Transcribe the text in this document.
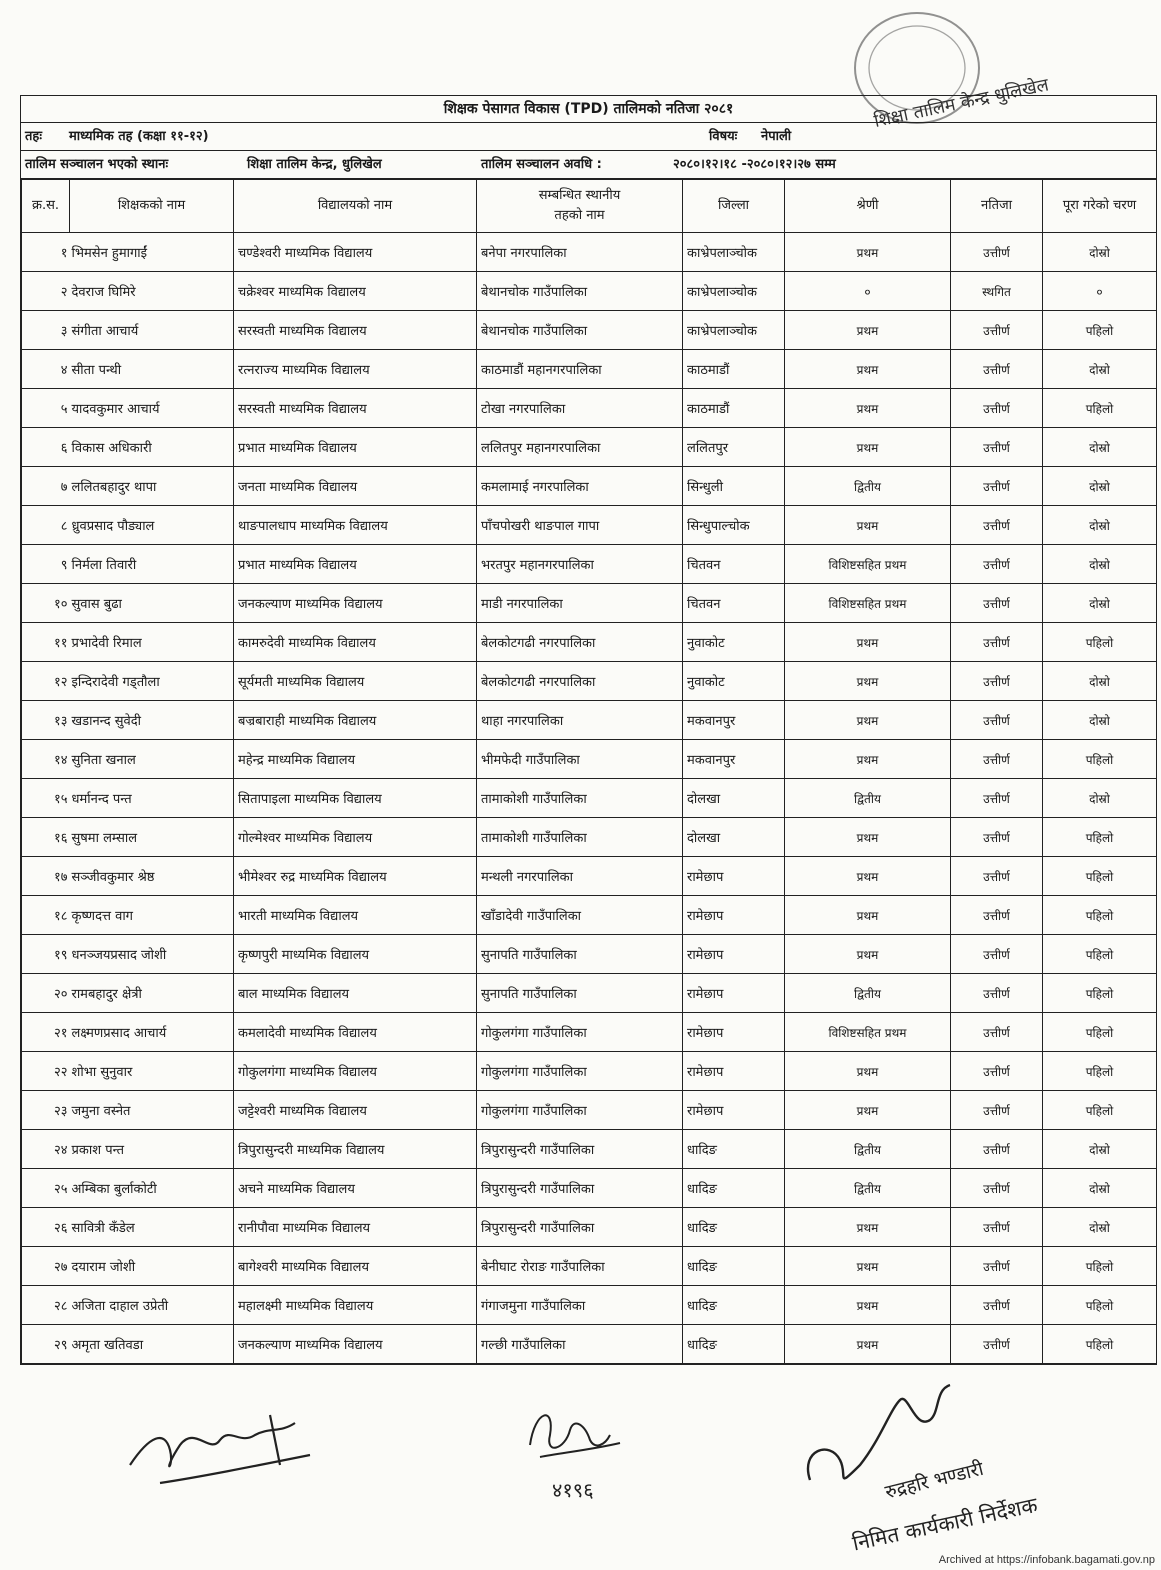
शिक्षा तालिम केन्द्र धुलिखेल
शिक्षक पेसागत विकास (TPD) तालिमको नतिजा २०८१
तहः माध्यमिक तह (कक्षा ११-१२)	विषयः नेपाली
तालिम सञ्चालन भएको स्थानः	शिक्षा तालिम केन्द्र, धुलिखेल	तालिम सञ्चालन अवधि :	२०८०।१२।१८ -२०८०।१२।२७ सम्म
क्र.स.	शिक्षकको नाम	विद्यालयको नाम	सम्बन्धित स्थानीय
तहको नाम	जिल्ला	श्रेणी	नतिजा	पूरा गरेको चरण
१	भिमसेन हुमागाईं	चण्डेश्वरी माध्यमिक विद्यालय	बनेपा नगरपालिका	काभ्रेपलाञ्चोक	प्रथम	उत्तीर्ण	दोस्रो
२	देवराज घिमिरे	चक्रेश्वर माध्यमिक विद्यालय	बेथानचोक गाउँपालिका	काभ्रेपलाञ्चोक	०	स्थगित	०
३	संगीता आचार्य	सरस्वती माध्यमिक विद्यालय	बेथानचोक गाउँपालिका	काभ्रेपलाञ्चोक	प्रथम	उत्तीर्ण	पहिलो
४	सीता पन्थी	रत्नराज्य माध्यमिक विद्यालय	काठमाडौं महानगरपालिका	काठमाडौं	प्रथम	उत्तीर्ण	दोस्रो
५	यादवकुमार आचार्य	सरस्वती माध्यमिक विद्यालय	टोखा नगरपालिका	काठमाडौं	प्रथम	उत्तीर्ण	पहिलो
६	विकास अधिकारी	प्रभात माध्यमिक विद्यालय	ललितपुर महानगरपालिका	ललितपुर	प्रथम	उत्तीर्ण	दोस्रो
७	ललितबहादुर थापा	जनता माध्यमिक विद्यालय	कमलामाई नगरपालिका	सिन्धुली	द्वितीय	उत्तीर्ण	दोस्रो
८	ध्रुवप्रसाद पौड्याल	थाङपालधाप माध्यमिक विद्यालय	पाँचपोखरी थाङपाल गापा	सिन्धुपाल्चोक	प्रथम	उत्तीर्ण	दोस्रो
९	निर्मला तिवारी	प्रभात माध्यमिक विद्यालय	भरतपुर महानगरपालिका	चितवन	विशिष्टसहित प्रथम	उत्तीर्ण	दोस्रो
१०	सुवास बुढा	जनकल्याण माध्यमिक विद्यालय	माडी नगरपालिका	चितवन	विशिष्टसहित प्रथम	उत्तीर्ण	दोस्रो
११	प्रभादेवी रिमाल	कामरुदेवी माध्यमिक विद्यालय	बेलकोटगढी नगरपालिका	नुवाकोट	प्रथम	उत्तीर्ण	पहिलो
१२	इन्दिरादेवी गड्तौला	सूर्यमती माध्यमिक विद्यालय	बेलकोटगढी नगरपालिका	नुवाकोट	प्रथम	उत्तीर्ण	दोस्रो
१३	खडानन्द सुवेदी	बज्रबाराही माध्यमिक विद्यालय	थाहा नगरपालिका	मकवानपुर	प्रथम	उत्तीर्ण	दोस्रो
१४	सुनिता खनाल	महेन्द्र माध्यमिक विद्यालय	भीमफेदी गाउँपालिका	मकवानपुर	प्रथम	उत्तीर्ण	पहिलो
१५	धर्मानन्द पन्त	सितापाइला माध्यमिक विद्यालय	तामाकोशी गाउँपालिका	दोलखा	द्वितीय	उत्तीर्ण	दोस्रो
१६	सुषमा लम्साल	गोल्मेश्वर माध्यमिक विद्यालय	तामाकोशी गाउँपालिका	दोलखा	प्रथम	उत्तीर्ण	पहिलो
१७	सञ्जीवकुमार श्रेष्ठ	भीमेश्वर रुद्र माध्यमिक विद्यालय	मन्थली नगरपालिका	रामेछाप	प्रथम	उत्तीर्ण	पहिलो
१८	कृष्णदत्त वाग	भारती माध्यमिक विद्यालय	खाँडादेवी गाउँपालिका	रामेछाप	प्रथम	उत्तीर्ण	पहिलो
१९	धनञ्जयप्रसाद जोशी	कृष्णपुरी माध्यमिक विद्यालय	सुनापति गाउँपालिका	रामेछाप	प्रथम	उत्तीर्ण	पहिलो
२०	रामबहादुर क्षेत्री	बाल माध्यमिक विद्यालय	सुनापति गाउँपालिका	रामेछाप	द्वितीय	उत्तीर्ण	पहिलो
२१	लक्ष्मणप्रसाद आचार्य	कमलादेवी माध्यमिक विद्यालय	गोकुलगंगा गाउँपालिका	रामेछाप	विशिष्टसहित प्रथम	उत्तीर्ण	पहिलो
२२	शोभा सुनुवार	गोकुलगंगा माध्यमिक विद्यालय	गोकुलगंगा गाउँपालिका	रामेछाप	प्रथम	उत्तीर्ण	पहिलो
२३	जमुना वस्नेत	जट्टेश्वरी माध्यमिक विद्यालय	गोकुलगंगा गाउँपालिका	रामेछाप	प्रथम	उत्तीर्ण	पहिलो
२४	प्रकाश पन्त	त्रिपुरासुन्दरी माध्यमिक विद्यालय	त्रिपुरासुन्दरी गाउँपालिका	धादिङ	द्वितीय	उत्तीर्ण	दोस्रो
२५	अम्बिका बुर्लाकोटी	अचने माध्यमिक विद्यालय	त्रिपुरासुन्दरी गाउँपालिका	धादिङ	द्वितीय	उत्तीर्ण	दोस्रो
२६	सावित्री कँडेल	रानीपौवा माध्यमिक विद्यालय	त्रिपुरासुन्दरी गाउँपालिका	धादिङ	प्रथम	उत्तीर्ण	दोस्रो
२७	दयाराम जोशी	बागेश्वरी माध्यमिक विद्यालय	बेनीघाट रोराङ गाउँपालिका	धादिङ	प्रथम	उत्तीर्ण	पहिलो
२८	अजिता दाहाल उप्रेती	महालक्ष्मी माध्यमिक विद्यालय	गंगाजमुना गाउँपालिका	धादिङ	प्रथम	उत्तीर्ण	पहिलो
२९	अमृता खतिवडा	जनकल्याण माध्यमिक विद्यालय	गल्छी गाउँपालिका	धादिङ	प्रथम	उत्तीर्ण	पहिलो
४१९६	रुद्रहरि भण्डारी
निमित कार्यकारी निर्देशक
Archived at https://infobank.bagamati.gov.np
